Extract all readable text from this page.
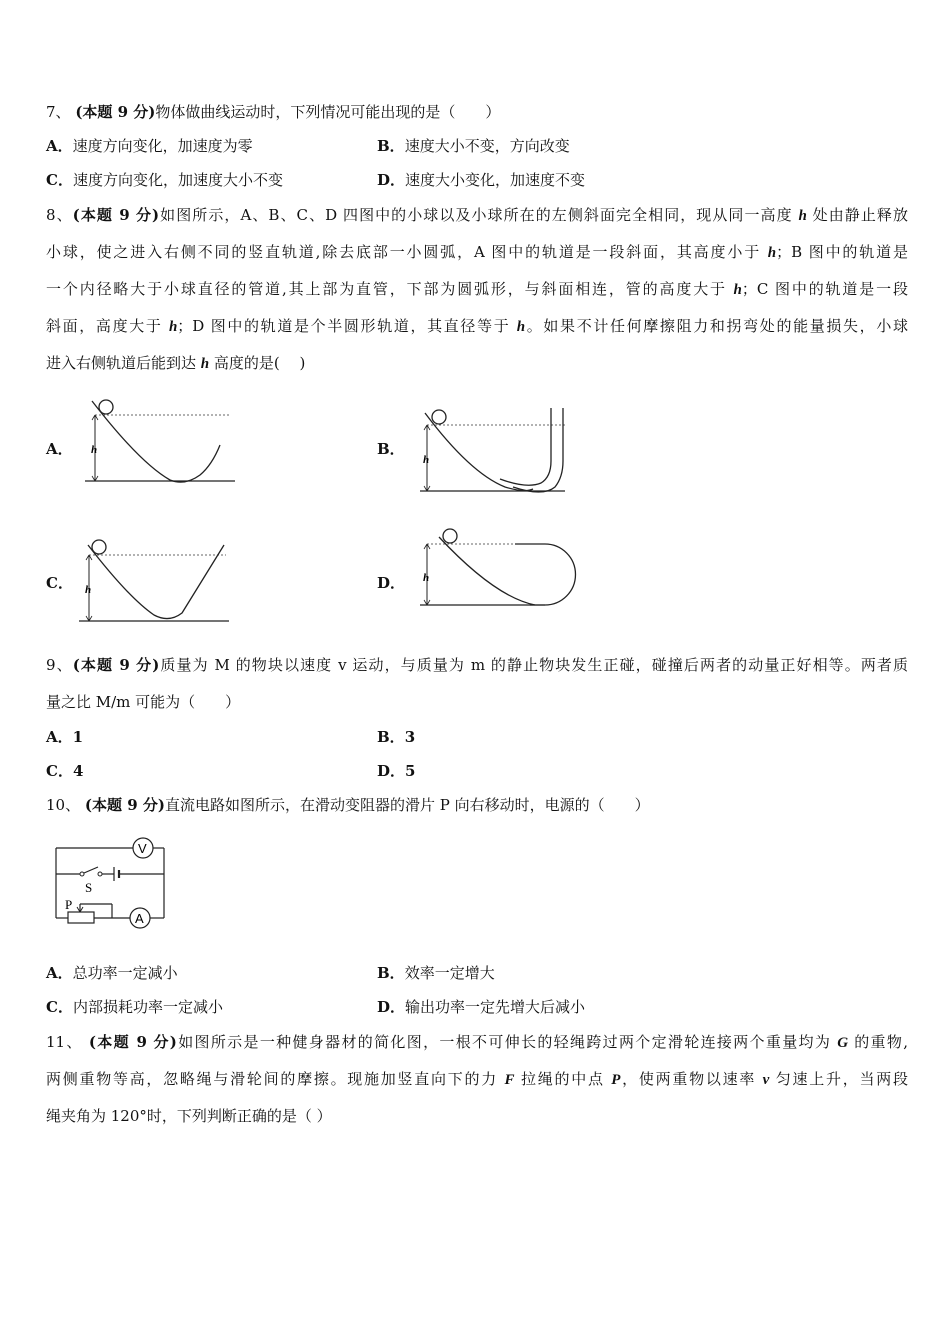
7、 (本题 9 分)物体做曲线运动时，下列情况可能出现的是（　　）
A．速度方向变化，加速度为零	B．速度大小不变，方向改变
C．速度方向变化，加速度大小不变	D．速度大小变化，加速度不变
8、(本题 9 分)如图所示，A、B、C、D 四图中的小球以及小球所在的左侧斜面完全相同，现从同一高度 h 处由静止释放
小球，使之进入右侧不同的竖直轨道,除去底部一小圆弧，A 图中的轨道是一段斜面，其高度小于 h；B 图中的轨道是
一个内径略大于小球直径的管道,其上部为直管，下部为圆弧形，与斜面相连，管的高度大于 h；C 图中的轨道是一段
斜面，高度大于 h；D 图中的轨道是个半圆形轨道，其直径等于 h。如果不计任何摩擦阻力和拐弯处的能量损失，小球
进入右侧轨道后能到达 h 高度的是(　 )
A．	B．
C．	D．
h
h
h
h
9、(本题 9 分)质量为 M 的物块以速度 v 运动，与质量为 m 的静止物块发生正碰，碰撞后两者的动量正好相等。两者质
量之比 M/m 可能为（　　）
A．1	B．3
C．4	D．5
10、 (本题 9 分)直流电路如图所示，在滑动变阻器的滑片 P 向右移动时，电源的（　　）
V
S
P
A
A．总功率一定减小	B．效率一定增大
C．内部损耗功率一定减小	D．输出功率一定先增大后减小
11、 (本题 9 分)如图所示是一种健身器材的简化图，一根不可伸长的轻绳跨过两个定滑轮连接两个重量均为 G 的重物,
两侧重物等高，忽略绳与滑轮间的摩擦。现施加竖直向下的力 F 拉绳的中点 P，使两重物以速率 v 匀速上升，当两段
绳夹角为 120°时，下列判断正确的是（ ）
